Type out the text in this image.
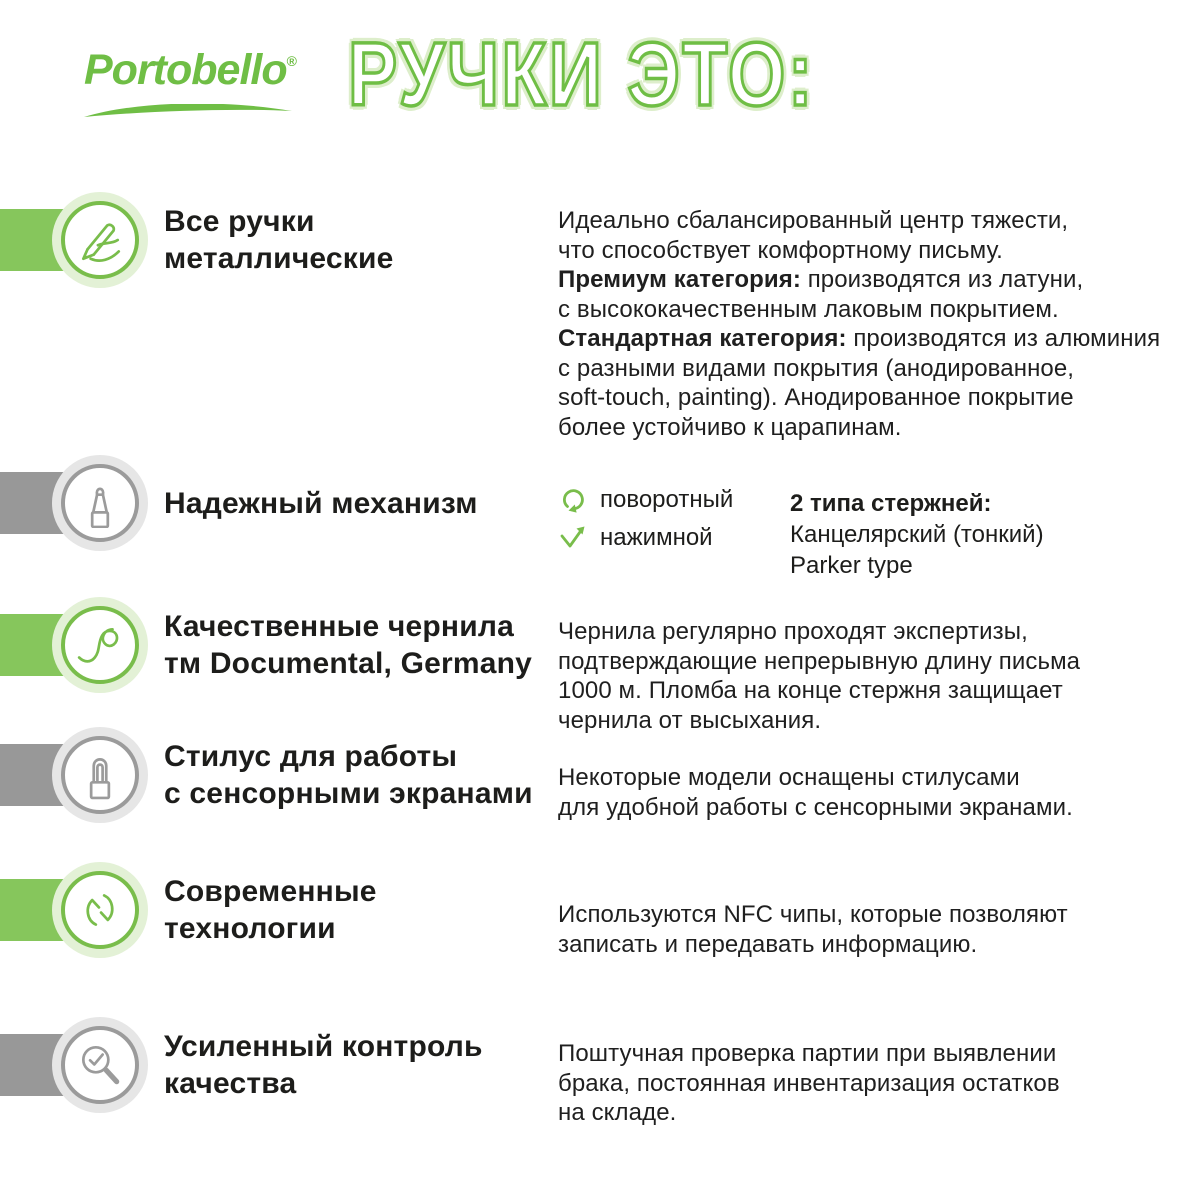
Portobello® РУЧКИ ЭТО:
Все ручки
металлические
Идеально сбалансированный центр тяжести,
что способствует комфортному письму.
Премиум категория: производятся из латуни,
с высококачественным лаковым покрытием.
Стандартная категория: производятся из алюминия
с разными видами покрытия (анодированное,
soft-touch, painting). Анодированное покрытие
более устойчиво к царапинам.
Надежный механизм	поворотный
нажимной
2 типа стержней:
Канцелярский (тонкий)
Parker type
Качественные чернила
тм Documental, Germany
Чернила регулярно проходят экспертизы,
подтверждающие непрерывную длину письма
1000 м. Пломба на конце стержня защищает
чернила от высыхания.
Стилус для работы
с сенсорными экранами Некоторые модели оснащены стилусами
для удобной работы с сенсорными экранами.
Современные
технологии	Используются NFC чипы, которые позволяют
записать и передавать информацию.
Усиленный контроль
качества
Поштучная проверка партии при выявлении
брака, постоянная инвентаризация остатков
на складе.
